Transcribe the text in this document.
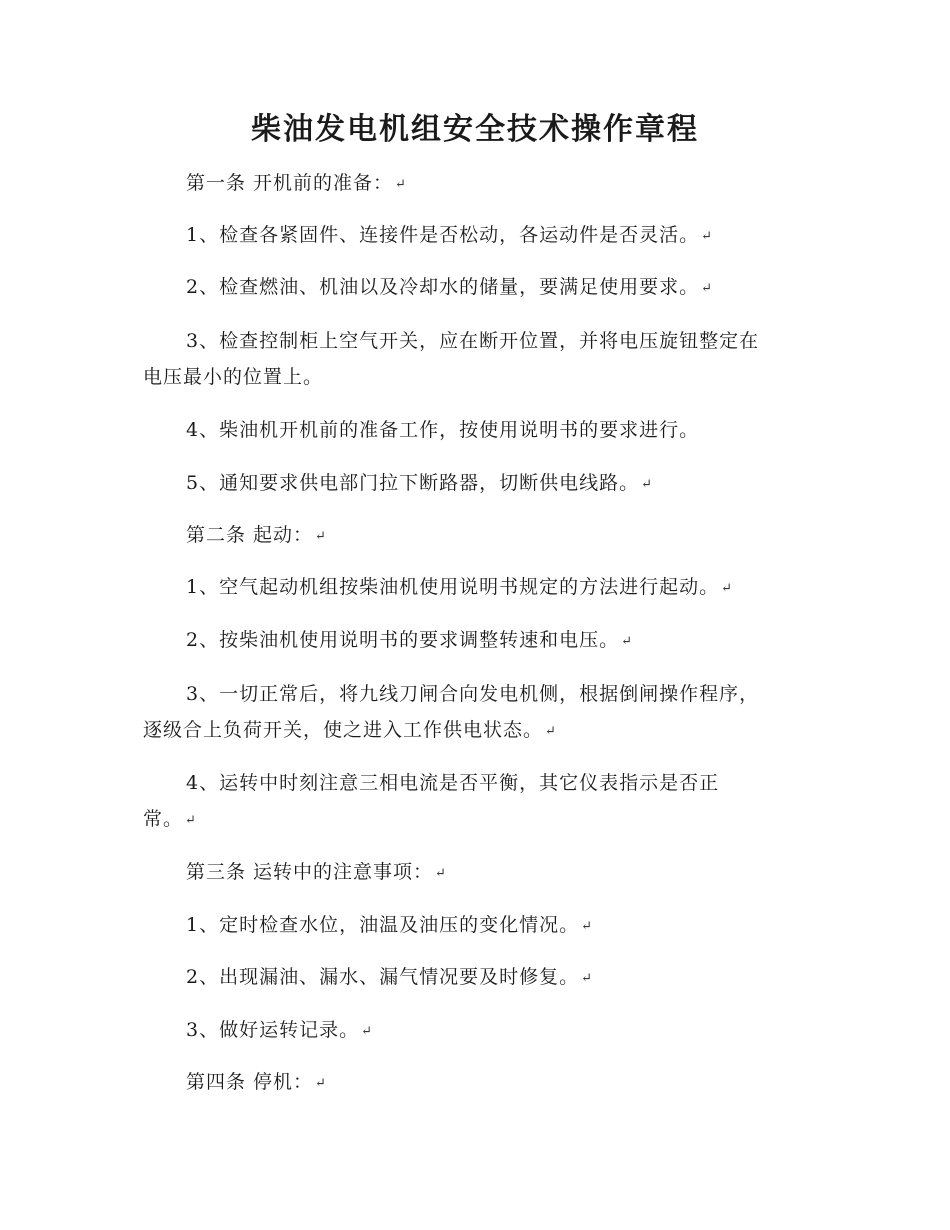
柴油发电机组安全技术操作章程

第一条 开机前的准备： ↵

1、检查各紧固件、连接件是否松动，各运动件是否灵活。 ↵

2、检查燃油、机油以及冷却水的储量，要满足使用要求。 ↵

3、检查控制柜上空气开关，应在断开位置，并将电压旋钮整定在

电压最小的位置上。

4、柴油机开机前的准备工作，按使用说明书的要求进行。

5、通知要求供电部门拉下断路器，切断供电线路。 ↵

第二条 起动： ↵

1、空气起动机组按柴油机使用说明书规定的方法进行起动。 ↵

2、按柴油机使用说明书的要求调整转速和电压。 ↵

3、一切正常后，将九线刀闸合向发电机侧，根据倒闸操作程序，

逐级合上负荷开关，使之进入工作供电状态。 ↵

4、运转中时刻注意三相电流是否平衡，其它仪表指示是否正

常。 ↵

第三条 运转中的注意事项： ↵

1、定时检查水位，油温及油压的变化情况。 ↵

2、出现漏油、漏水、漏气情况要及时修复。 ↵

3、做好运转记录。 ↵

第四条 停机： ↵
